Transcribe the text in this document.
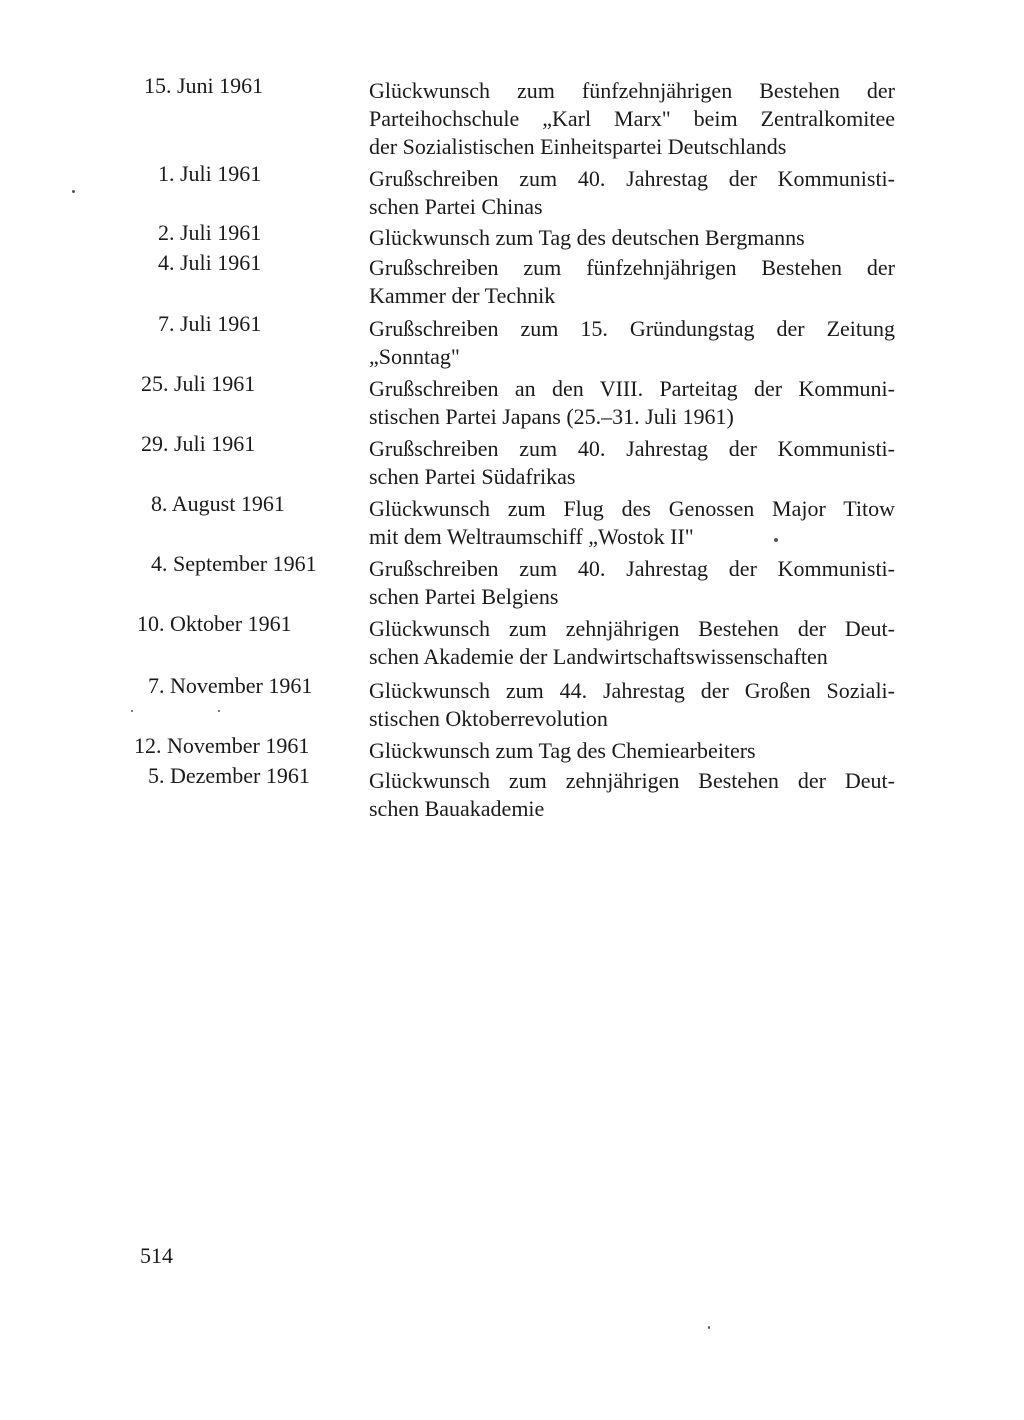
15. Juni 1961	Glückwunsch zum fünfzehnjährigen Bestehen der
Parteihochschule „Karl Marx" beim Zentralkomitee
der Sozialistischen Einheitspartei Deutschlands
1. Juli 1961	Grußschreiben zum 40. Jahrestag der Kommunisti-
schen Partei Chinas
2. Juli 1961	Glückwunsch zum Tag des deutschen Bergmanns
4. Juli 1961	Grußschreiben zum fünfzehnjährigen Bestehen der
Kammer der Technik
7. Juli 1961	Grußschreiben zum 15. Gründungstag der Zeitung
„Sonntag"
25. Juli 1961	Grußschreiben an den VIII. Parteitag der Kommuni-
stischen Partei Japans (25.–31. Juli 1961)
29. Juli 1961	Grußschreiben zum 40. Jahrestag der Kommunisti-
schen Partei Südafrikas
8. August 1961	Glückwunsch zum Flug des Genossen Major Titow
mit dem Weltraumschiff „Wostok II"
4. September 1961 Grußschreiben zum 40. Jahrestag der Kommunisti-
schen Partei Belgiens
10. Oktober 1961	Glückwunsch zum zehnjährigen Bestehen der Deut-
schen Akademie der Landwirtschaftswissenschaften
7. November 1961	Glückwunsch zum 44. Jahrestag der Großen Soziali-
stischen Oktoberrevolution
12. November 1961	Glückwunsch zum Tag des Chemiearbeiters
5. Dezember 1961	Glückwunsch zum zehnjährigen Bestehen der Deut-
schen Bauakademie
514
